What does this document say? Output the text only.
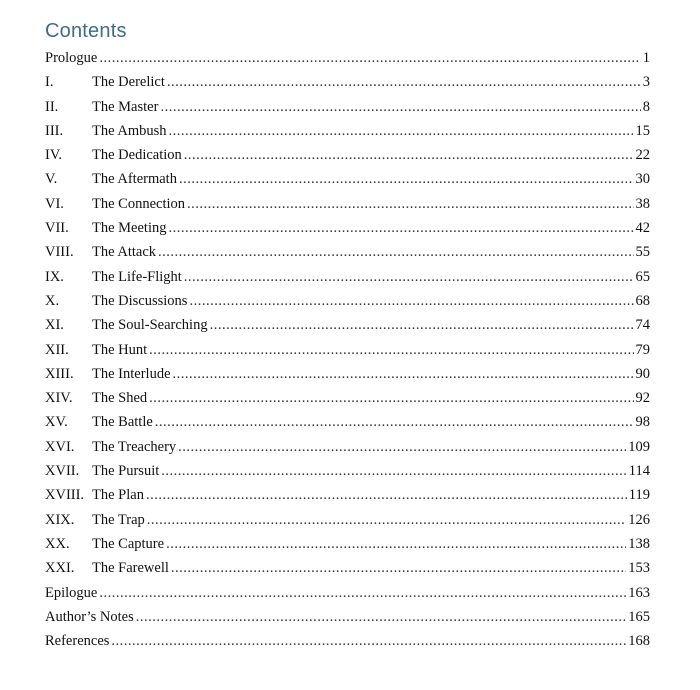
Contents
Prologue .....	1
I.	The Derelict .....	3
II.	The Master .....	8
III.	The Ambush .....	15
IV.	The Dedication .....	22
V.	The Aftermath .....	30
VI.	The Connection .....	38
VII.	The Meeting .....	42
VIII.	The Attack .....	55
IX.	The Life-Flight .....	65
X.	The Discussions .....	68
XI.	The Soul-Searching .....	74
XII.	The Hunt .....	79
XIII.	The Interlude .....	90
XIV.	The Shed .....	92
XV.	The Battle .....	98
XVI.	The Treachery .....	109
XVII. The Pursuit .....	114
XVIII. The Plan .....	119
XIX.	The Trap .....	126
XX.	The Capture .....	138
XXI.	The Farewell .....	153
Epilogue .....	163
Author’s Notes .....	165
References .....	168
